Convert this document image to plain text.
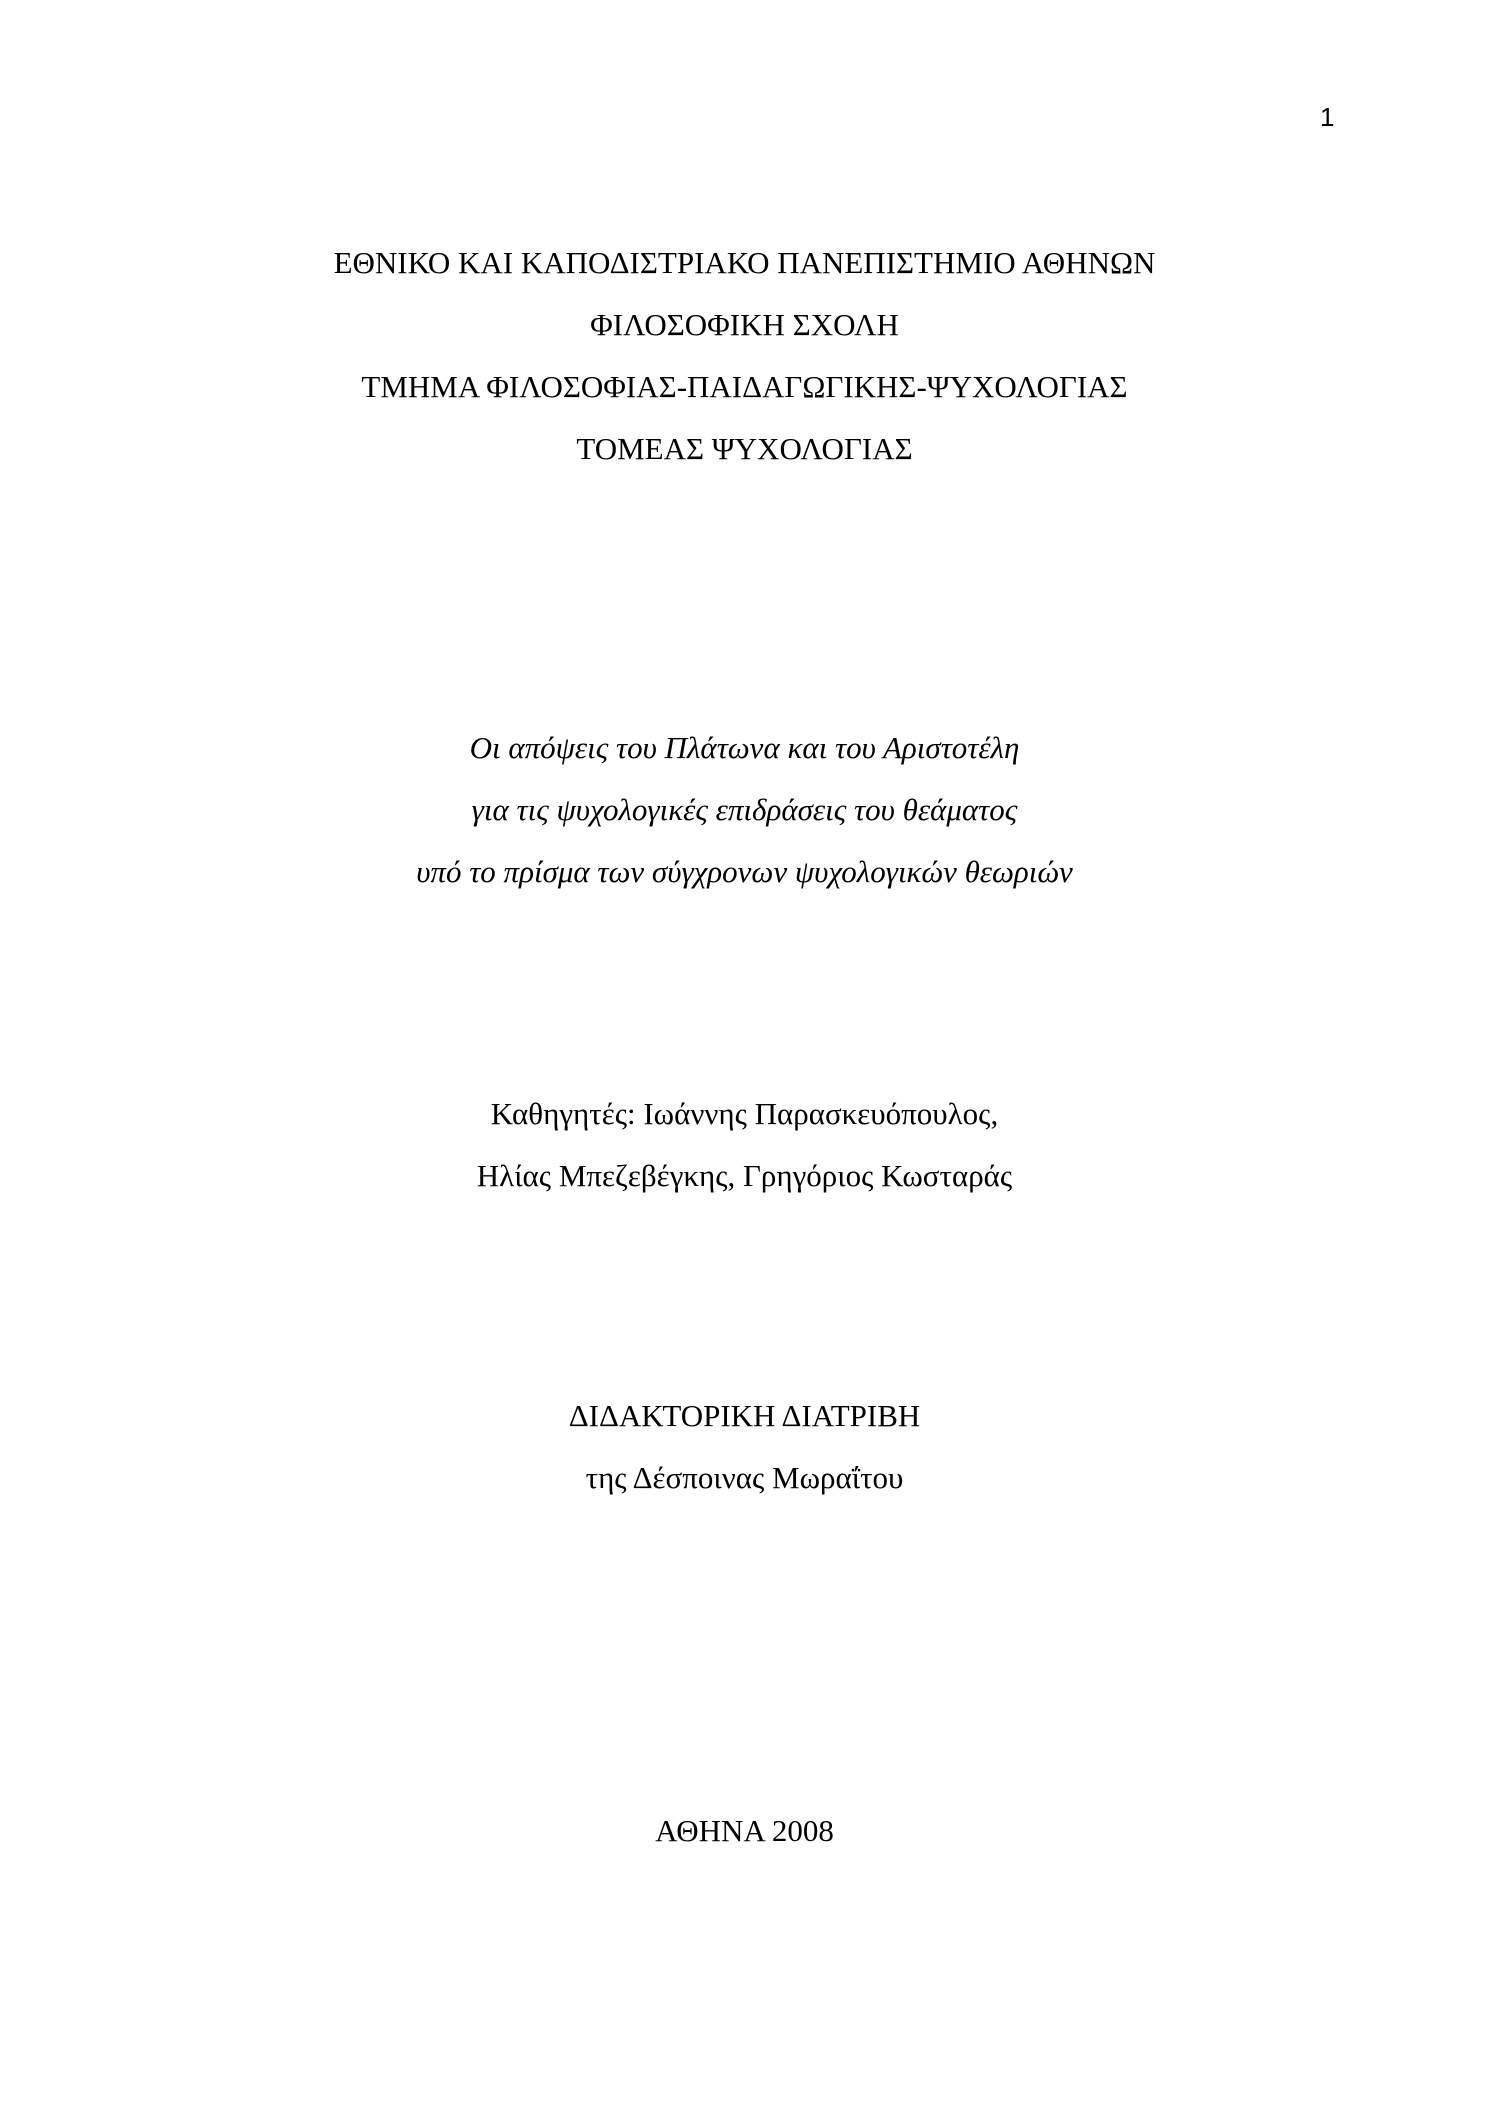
1
ΕΘΝΙΚΟ ΚΑΙ ΚΑΠΟΔΙΣΤΡΙΑΚΟ ΠΑΝΕΠΙΣΤΗΜΙΟ ΑΘΗΝΩΝ
ΦΙΛΟΣΟΦΙΚΗ ΣΧΟΛΗ
ΤΜΗΜΑ ΦΙΛΟΣΟΦΙΑΣ-ΠΑΙΔΑΓΩΓΙΚΗΣ-ΨΥΧΟΛΟΓΙΑΣ
ΤΟΜΕΑΣ ΨΥΧΟΛΟΓΙΑΣ
Οι απόψεις του Πλάτωνα και του Αριστοτέλη
για τις ψυχολογικές επιδράσεις του θεάματος
υπό το πρίσμα των σύγχρονων ψυχολογικών θεωριών
Καθηγητές: Ιωάννης Παρασκευόπουλος,
Ηλίας Μπεζεβέγκης, Γρηγόριος Κωσταράς
ΔΙΔΑΚΤΟΡΙΚΗ ΔΙΑΤΡΙΒΗ
της Δέσποινας Μωραΐτου
ΑΘΗΝΑ 2008
